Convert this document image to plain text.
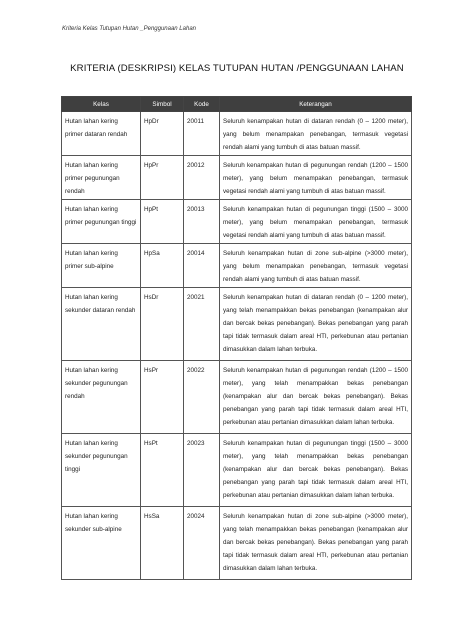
Kriteria Kelas Tutupan Hutan _Penggunaan Lahan
KRITERIA (DESKRIPSI) KELAS TUTUPAN HUTAN /PENGGUNAAN LAHAN
Kelas	Simbol	Kode	Keterangan
Hutan lahan kering primer dataran rendah	HpDr	20011	Seluruh kenampakan hutan di dataran rendah (0 – 1200 meter), yang belum menampakan penebangan, termasuk vegetasi rendah alami yang tumbuh di atas batuan massif.
Hutan lahan kering primer pegunungan rendah	HpPr	20012	Seluruh kenampakan hutan di pegunungan rendah (1200 – 1500 meter), yang belum menampakan penebangan, termasuk vegetasi rendah alami yang tumbuh di atas batuan massif.
Hutan lahan kering primer pegunungan tinggi	HpPt	20013	Seluruh kenampakan hutan di pegunungan tinggi (1500 – 3000 meter), yang belum menampakan penebangan, termasuk vegetasi rendah alami yang tumbuh di atas batuan massif.
Hutan lahan kering primer sub-alpine	HpSa	20014	Seluruh kenampakan hutan di zone sub-alpine (>3000 meter), yang belum menampakan penebangan, termasuk vegetasi rendah alami yang tumbuh di atas batuan massif.
Hutan lahan kering sekunder dataran rendah	HsDr	20021	Seluruh kenampakan hutan di dataran rendah (0 – 1200 meter), yang telah menampakkan bekas penebangan (kenampakan alur dan bercak bekas penebangan). Bekas penebangan yang parah tapi tidak termasuk dalam areal HTI, perkebunan atau pertanian dimasukkan dalam lahan terbuka.
Hutan lahan kering sekunder pegunungan rendah	HsPr	20022	Seluruh kenampakan hutan di pegunungan rendah (1200 – 1500 meter), yang telah menampakkan bekas penebangan (kenampakan alur dan bercak bekas penebangan). Bekas penebangan yang parah tapi tidak termasuk dalam areal HTI, perkebunan atau pertanian dimasukkan dalam lahan terbuka.
Hutan lahan kering sekunder pegunungan tinggi	HsPt	20023	Seluruh kenampakan hutan di pegunungan tinggi (1500 – 3000 meter), yang telah menampakkan bekas penebangan (kenampakan alur dan bercak bekas penebangan). Bekas penebangan yang parah tapi tidak termasuk dalam areal HTI, perkebunan atau pertanian dimasukkan dalam lahan terbuka.
Hutan lahan kering sekunder sub-alpine	HsSa	20024	Seluruh kenampakan hutan di zone sub-alpine (>3000 meter), yang telah menampakkan bekas penebangan (kenampakan alur dan bercak bekas penebangan). Bekas penebangan yang parah tapi tidak termasuk dalam areal HTI, perkebunan atau pertanian dimasukkan dalam lahan terbuka.
